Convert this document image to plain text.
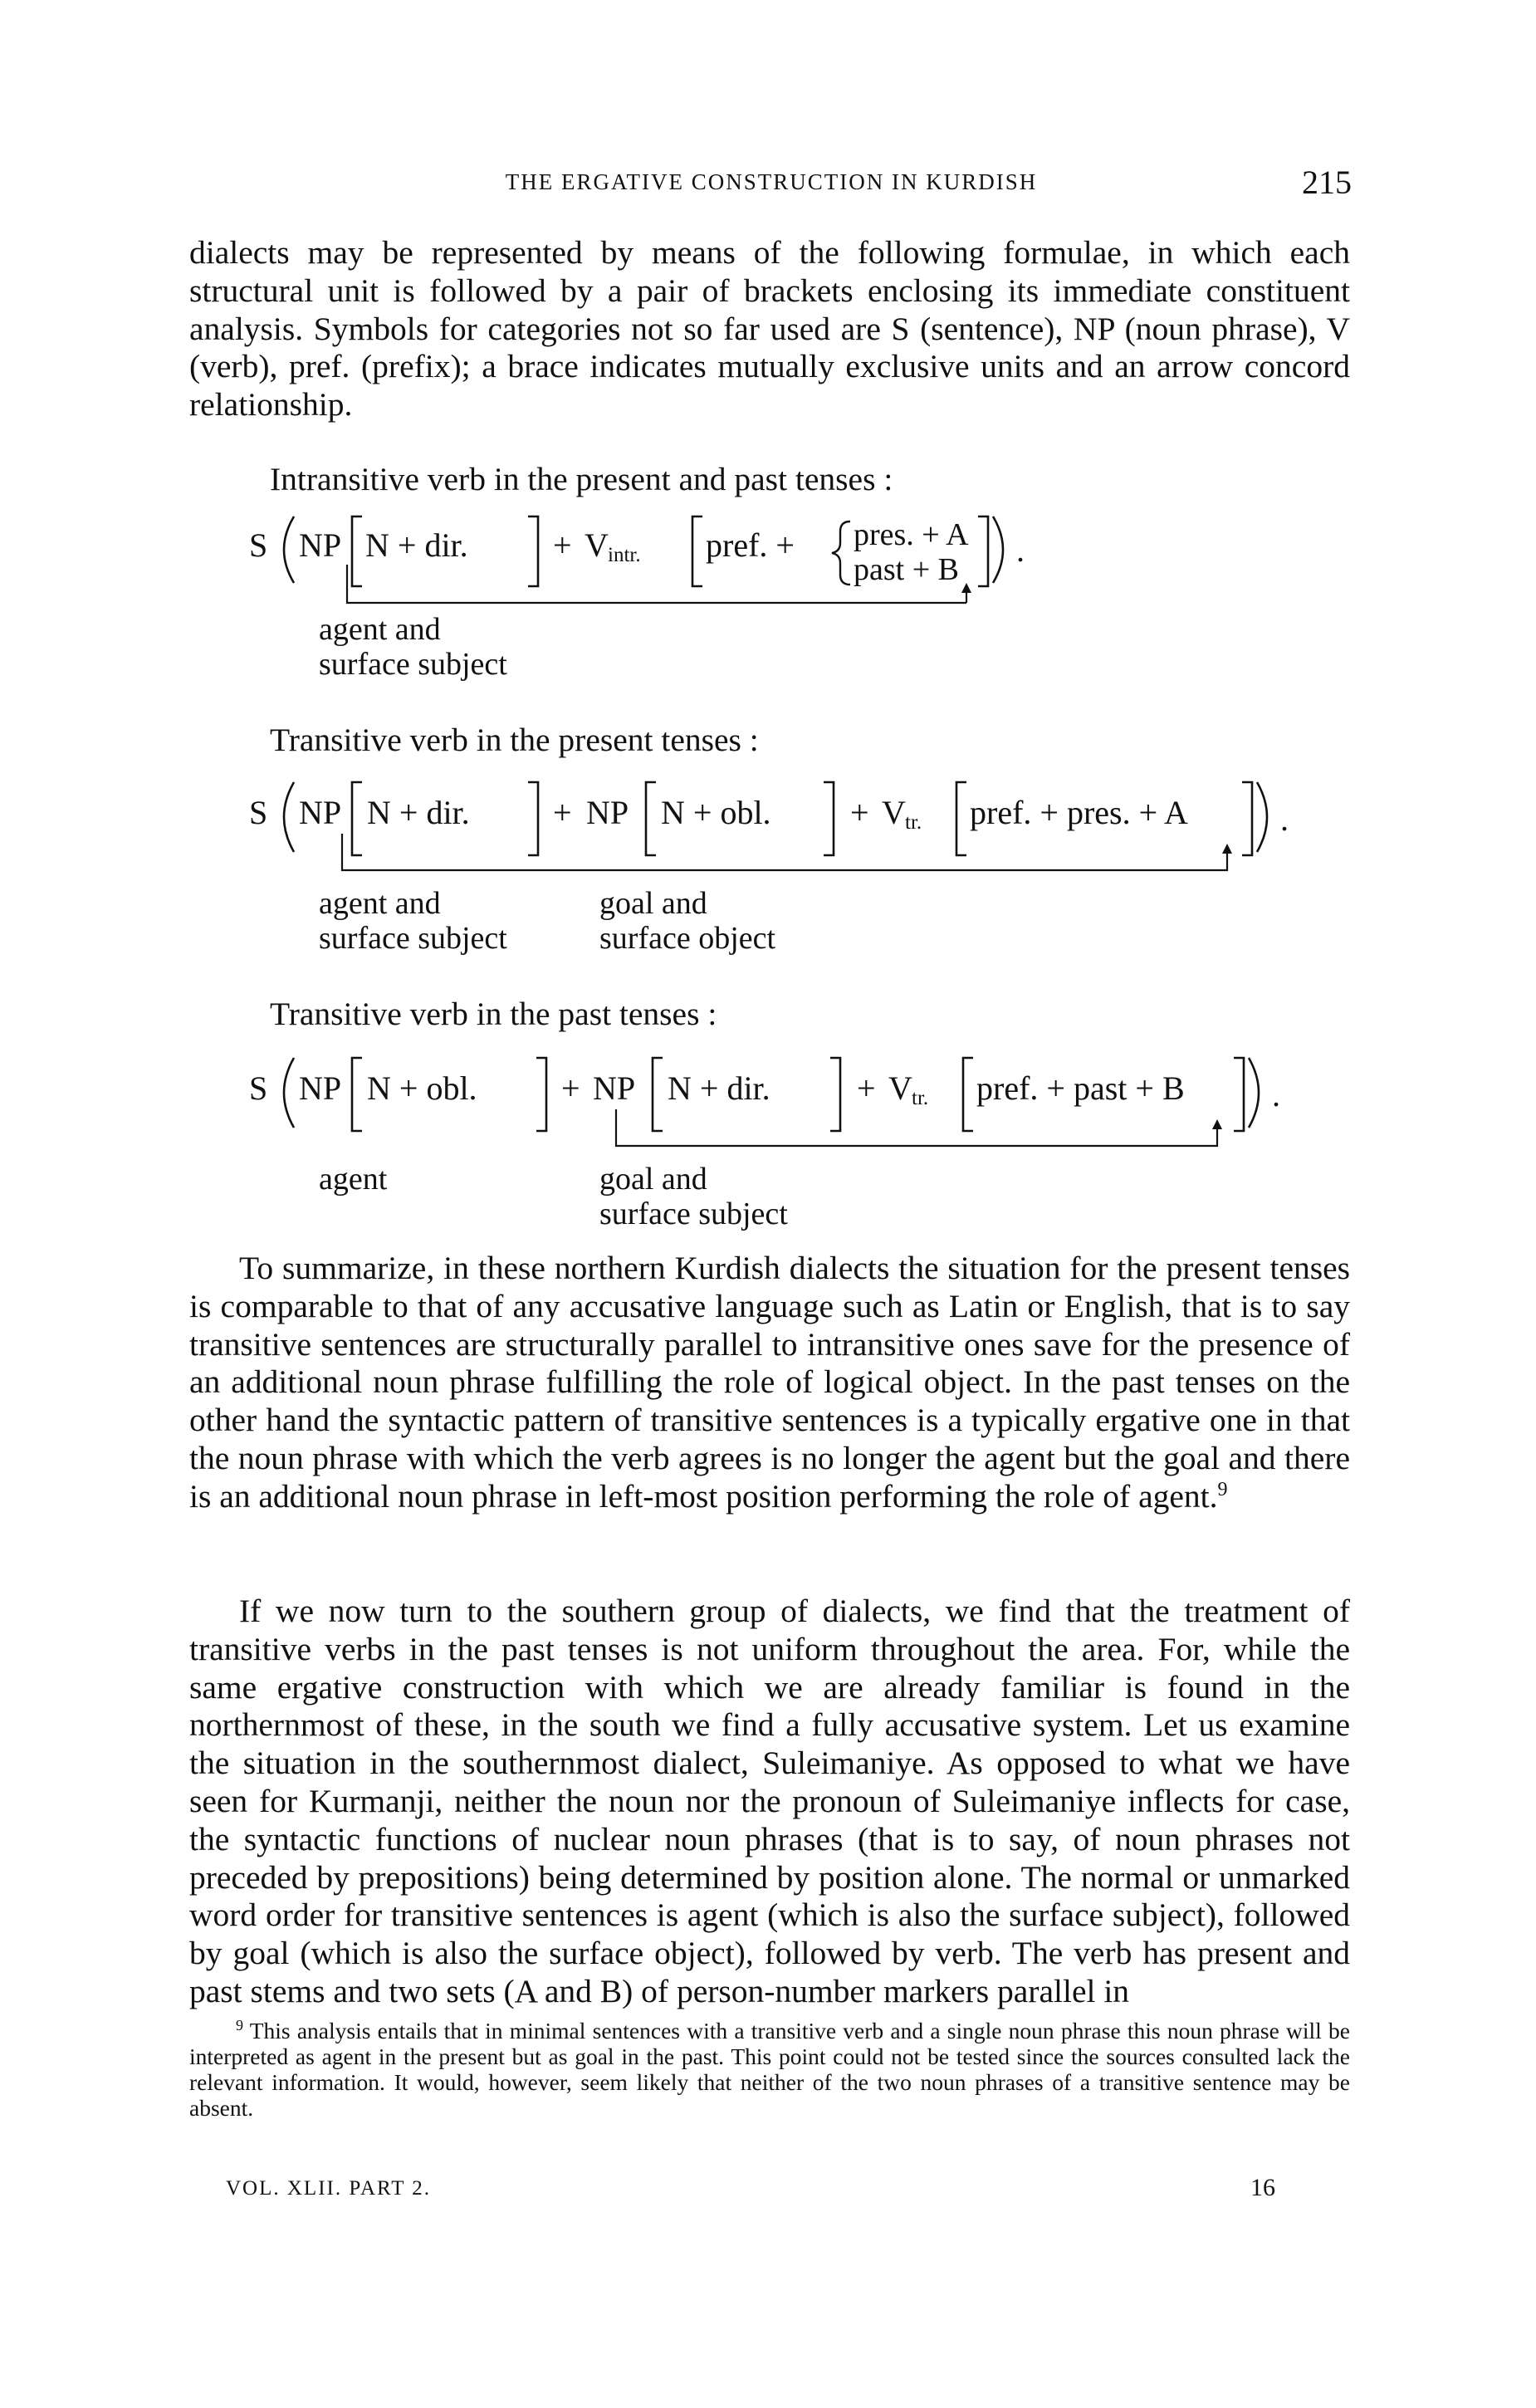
THE ERGATIVE CONSTRUCTION IN KURDISH	215
dialects may be represented by means of the following formulae, in which each structural unit is followed by a pair of brackets enclosing its immediate constituent analysis. Symbols for categories not so far used are S (sentence), NP (noun phrase), V (verb), pref. (prefix); a brace indicates mutually exclusive units and an arrow concord relationship.
Intransitive verb in the present and past tenses :
S NP N + dir.	+ V intr. pref. + pres. + A
past + B
.
agent and
surface subject
Transitive verb in the present tenses :
S NP N + dir.	+ NP N + obl. + V tr. pref. + pres. + A	.
agent and	goal and
surface subject	surface object
Transitive verb in the past tenses :
S NP N + obl.	+ NP N + dir.	+ V tr. pref. + past + B	.
agent	goal and
surface subject
To summarize, in these northern Kurdish dialects the situation for the present tenses is comparable to that of any accusative language such as Latin or English, that is to say transitive sentences are structurally parallel to intransitive ones save for the presence of an additional noun phrase fulfilling the role of logical object. In the past tenses on the other hand the syntactic pattern of transitive sentences is a typically ergative one in that the noun phrase with which the verb agrees is no longer the agent but the goal and there is an additional noun phrase in left-most position performing the role of agent.$^9$
If we now turn to the southern group of dialects, we find that the treatment of transitive verbs in the past tenses is not uniform throughout the area. For, while the same ergative construction with which we are already familiar is found in the northernmost of these, in the south we find a fully accusative system. Let us examine the situation in the southernmost dialect, Suleimaniye. As opposed to what we have seen for Kurmanji, neither the noun nor the pronoun of Suleimaniye inflects for case, the syntactic functions of nuclear noun phrases (that is to say, of noun phrases not preceded by prepositions) being determined by position alone. The normal or unmarked word order for transitive sentences is agent (which is also the surface subject), followed by goal (which is also the surface object), followed by verb. The verb has present and past stems and two sets (A and B) of person-number markers parallel in
$^9$ This analysis entails that in minimal sentences with a transitive verb and a single noun phrase this noun phrase will be interpreted as agent in the present but as goal in the past. This point could not be tested since the sources consulted lack the relevant information. It would, however, seem likely that neither of the two noun phrases of a transitive sentence may be absent.
VOL. XLII. PART 2.	16
